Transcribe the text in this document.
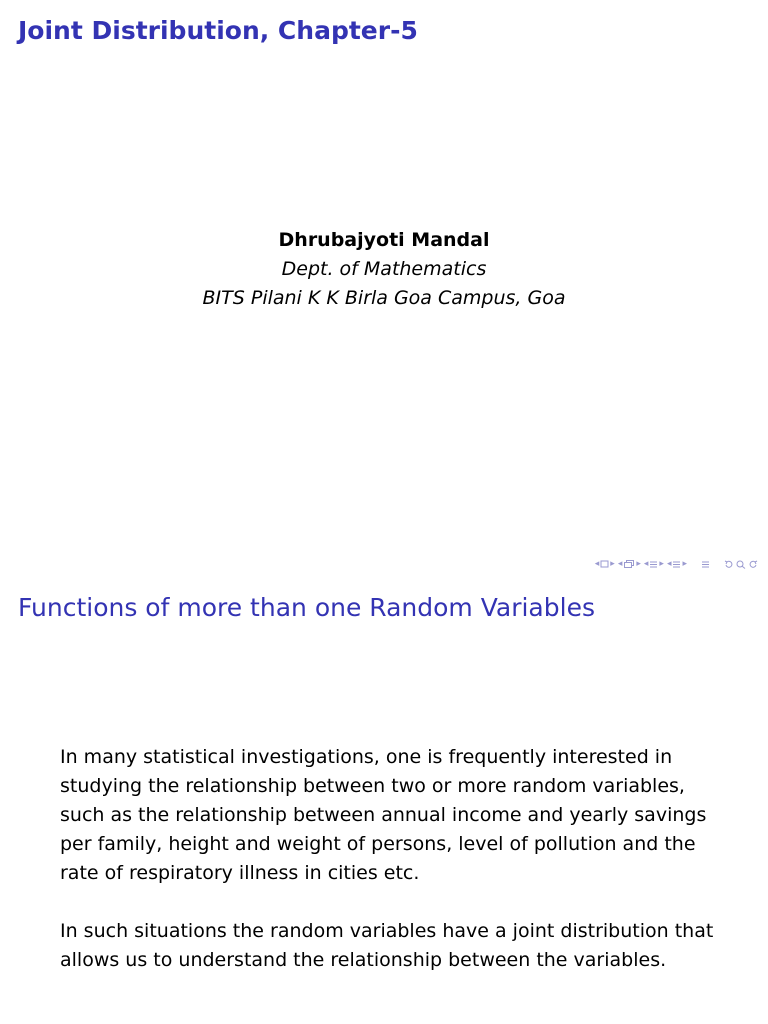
Joint Distribution, Chapter-5
Dhrubajyoti Mandal
Dept. of Mathematics
BITS Pilani K K Birla Goa Campus, Goa
◂ ▸ ◂ ▸ ◂ ▸ ◂ ▸
Functions of more than one Random Variables

In many statistical investigations, one is frequently interested in studying the relationship between two or more random variables, such as the relationship between annual income and yearly savings per family, height and weight of persons, level of pollution and the rate of respiratory illness in cities etc.

In such situations the random variables have a joint distribution that allows us to understand the relationship between the variables.
